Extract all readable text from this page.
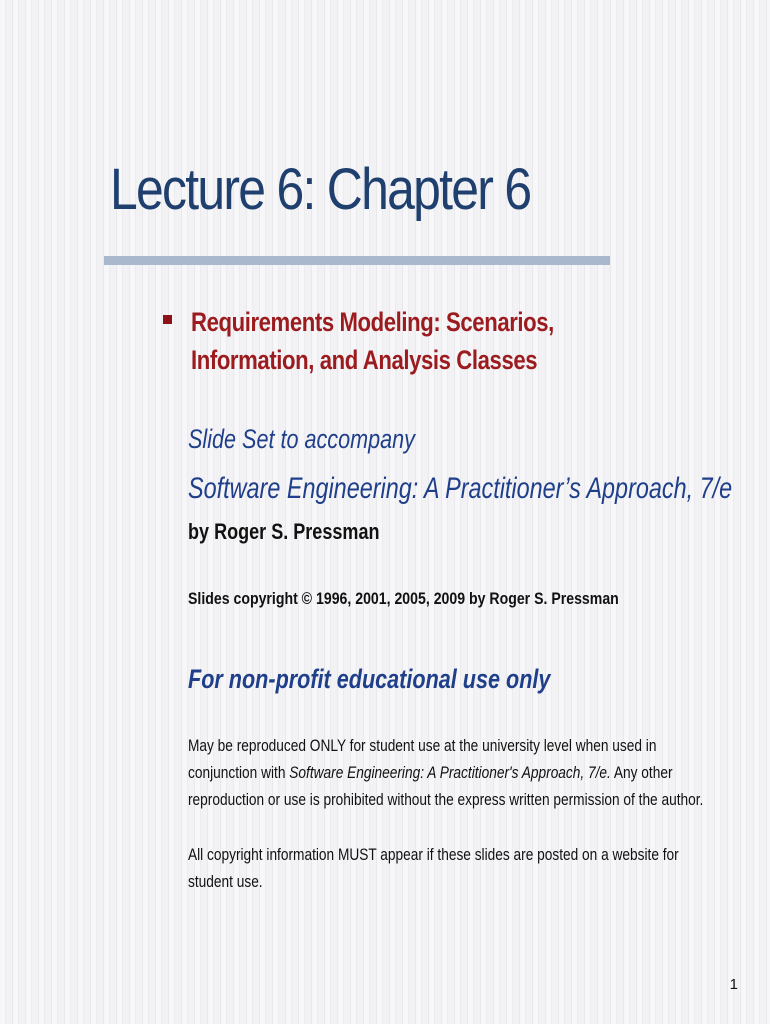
Lecture 6: Chapter 6
Requirements Modeling: Scenarios, Information, and Analysis Classes
Slide Set to accompany
Software Engineering: A Practitioner’s Approach, 7/e
by Roger S. Pressman
Slides copyright © 1996, 2001, 2005, 2009 by Roger S. Pressman
For non-profit educational use only

May be reproduced ONLY for student use at the university level when used in conjunction with Software Engineering: A Practitioner's Approach, 7/e. Any other reproduction or use is prohibited without the express written permission of the author.

All copyright information MUST appear if these slides are posted on a website for student use.

1
